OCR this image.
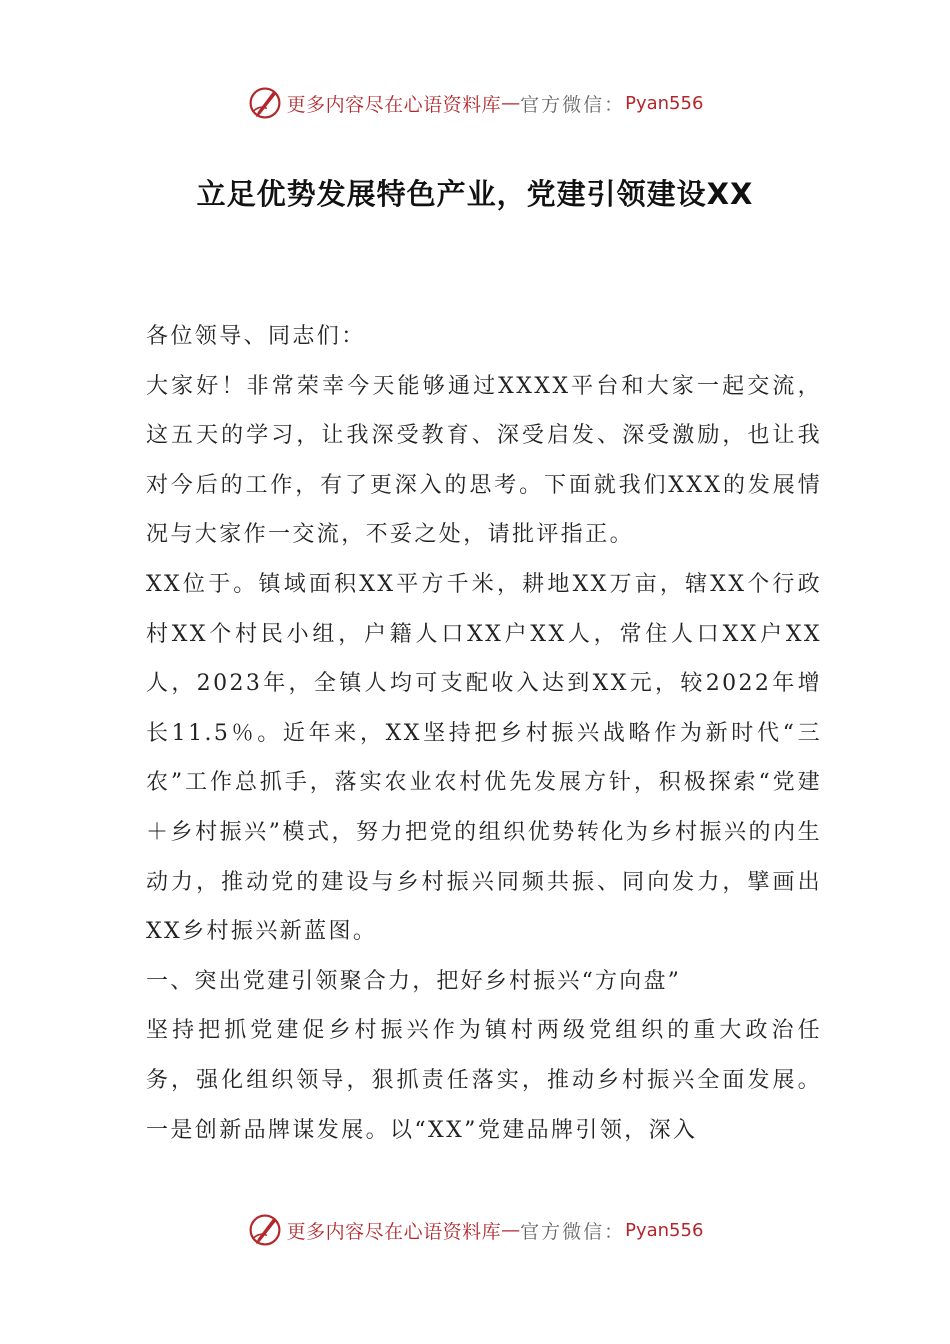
更多内容尽在心语资料库 — 官方微信： Pyan556
立足优势发展特色产业，党建引领建设XX

各位领导、同志们：

大家好！非常荣幸今天能够通过XXXX平台和大家一起交流，这五天的学习，让我深受教育、深受启发、深受激励，也让我对今后的工作，有了更深入的思考。下面就我们XXX的发展情况与大家作一交流，不妥之处，请批评指正。

XX位于。镇域面积XX平方千米，耕地XX万亩，辖XX个行政村XX个村民小组，户籍人口XX户XX人，常住人口XX户XX人，2023年，全镇人均可支配收入达到XX元，较2022年增长11.5％。近年来，XX坚持把乡村振兴战略作为新时代“三农”工作总抓手，落实农业农村优先发展方针，积极探索“党建＋乡村振兴”模式，努力把党的组织优势转化为乡村振兴的内生动力，推动党的建设与乡村振兴同频共振、同向发力，擘画出XX乡村振兴新蓝图。

一、突出党建引领聚合力，把好乡村振兴“方向盘”

坚持把抓党建促乡村振兴作为镇村两级党组织的重大政治任务，强化组织领导，狠抓责任落实，推动乡村振兴全面发展。一是创新品牌谋发展。以“XX”党建品牌引领，深入

更多内容尽在心语资料库 — 官方微信： Pyan556
